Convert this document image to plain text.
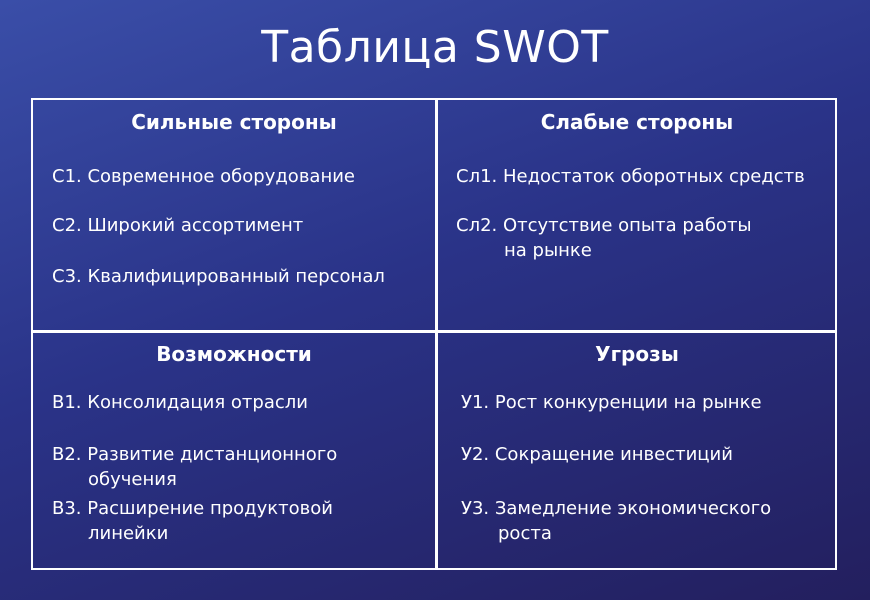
Таблица SWOT
Сильные стороны
С1. Современное оборудование
С2. Широкий ассортимент
С3. Квалифицированный персонал
Слабые стороны
Сл1. Недостаток оборотных средств
Сл2. Отсутствие опыта работы
на рынке
Возможности
В1. Консолидация отрасли
В2. Развитие дистанционного
обучения
В3. Расширение продуктовой
линейки
Угрозы
У1. Рост конкуренции на рынке
У2. Сокращение инвестиций
У3. Замедление экономического
роста
